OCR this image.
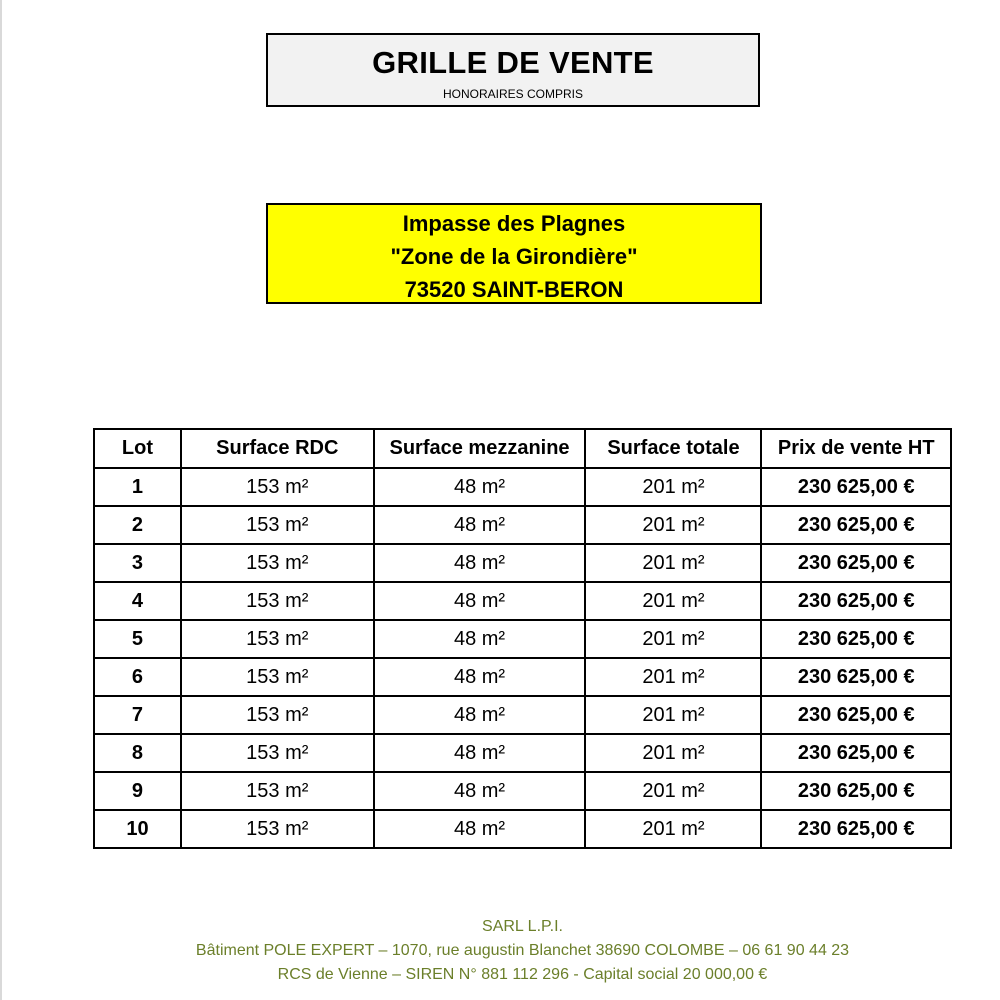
GRILLE DE VENTE
HONORAIRES COMPRIS
Impasse des Plagnes
"Zone de la Girondière"
73520 SAINT-BERON
Lot	Surface RDC	Surface mezzanine	Surface totale	Prix de vente HT
1	153 m²	48 m²	201 m²	230 625,00 €
2	153 m²	48 m²	201 m²	230 625,00 €
3	153 m²	48 m²	201 m²	230 625,00 €
4	153 m²	48 m²	201 m²	230 625,00 €
5	153 m²	48 m²	201 m²	230 625,00 €
6	153 m²	48 m²	201 m²	230 625,00 €
7	153 m²	48 m²	201 m²	230 625,00 €
8	153 m²	48 m²	201 m²	230 625,00 €
9	153 m²	48 m²	201 m²	230 625,00 €
10	153 m²	48 m²	201 m²	230 625,00 €
SARL L.P.I.
Bâtiment POLE EXPERT – 1070, rue augustin Blanchet 38690 COLOMBE – 06 61 90 44 23
RCS de Vienne – SIREN N° 881 112 296 - Capital social 20 000,00 €
